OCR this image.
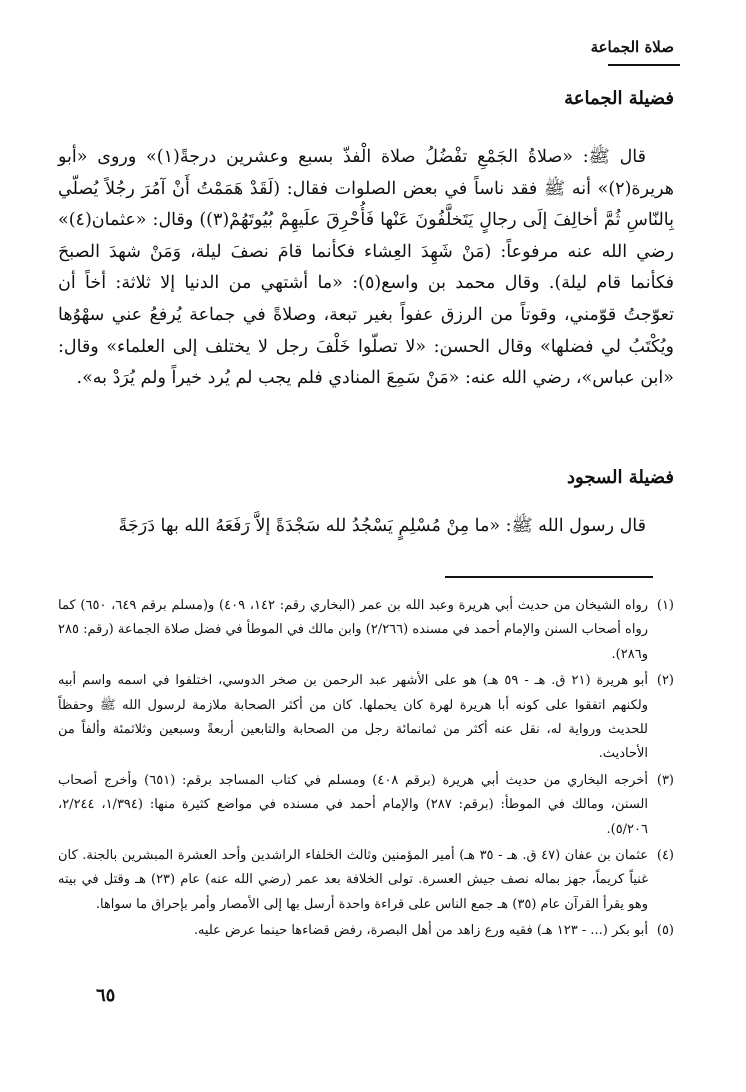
صلاة الجماعة
فضيلة الجماعة

قال ﷺ: «صلاةُ الجَمْعِ تفْضُلُ صلاة الْفذّ بسبع وعشرين درجةً(١)» وروى «أبو هريرة(٢)» أنه ﷺ فقد ناساً في بعض الصلوات فقال: (لَقَدْ هَمَمْتُ أَنْ آمُرَ رجُلاً يُصلّي بِالنّاسِ ثُمَّ أخالِفَ إلَى رجالٍ يَتَخلَّفُونَ عَنْها فَأُحْرِقَ علَيهِمْ بُيُوتَهُمْ(٣)) وقال: «عثمان(٤)» رضي الله عنه مرفوعاً: (مَنْ شَهِدَ العِشاء فكأنما قامَ نصفَ ليلة، وَمَنْ شهدَ الصبحَ فكأنما قام ليلة). وقال محمد بن واسع(٥): «ما أشتهي من الدنيا إلا ثلاثة: أخاً أن تعوّجتُ قوّمني، وقوتاً من الرزق عفواً بغير تبعة، وصلاةً في جماعة يُرفعُ عني سهْوُها ويُكْتَبُ لي فضلها» وقال الحسن: «لا تصلّوا خَلْفَ رجل لا يختلف إلى العلماء» وقال: «ابن عباس»، رضي الله عنه: «مَنْ سَمِعَ المنادي فلم يجب لم يُرد خيراً ولم يُرَدْ به».

فضيلة السجود

قال رسول الله ﷺ: «ما مِنْ مُسْلِمٍ يَسْجُدُ لله سَجْدَةً إلاَّ رَفَعَهُ الله بها دَرَجَةً

(١)
رواه الشيخان من حديث أبي هريرة وعبد الله بن عمر (البخاري رقم: ١٤٢، ٤٠٩) و(مسلم برقم ٦٤٩، ٦٥٠) كما رواه أصحاب السنن والإمام أحمد في مسنده (٢/٢٦٦) وابن مالك في الموطأ في فضل صلاة الجماعة (رقم: ٢٨٥ و٢٨٦).
(٢)
أبو هريرة (٢١ ق. هـ - ٥٩ هـ) هو على الأشهر عبد الرحمن بن صخر الدوسي، اختلفوا في اسمه واسم أبيه ولكنهم اتفقوا على كونه أبا هريرة لهرة كان يحملها. كان من أكثر الصحابة ملازمة لرسول الله ﷺ وحفظاً للحديث ورواية له، نقل عنه أكثر من ثمانمائة رجل من الصحابة والتابعين أربعةً وسبعين وثلاثمئة وألفاً من الأحاديث.
(٣)
أخرجه البخاري من حديث أبي هريرة (برقم ٤٠٨) ومسلم في كتاب المساجد برقم: (٦٥١) وأخرج أصحاب السنن، ومالك في الموطأ: (برقم: ٢٨٧) والإمام أحمد في مسنده في مواضع كثيرة منها: (١/٣٩٤، ٢/٢٤٤، ٥/٢٠٦).
(٤)
عثمان بن عفان (٤٧ ق. هـ - ٣٥ هـ) أمير المؤمنين وثالث الخلفاء الراشدين وأحد العشرة المبشرين بالجنة. كان غنياً كريماً، جهز بماله نصف جيش العسرة. تولى الخلافة بعد عمر (رضي الله عنه) عام (٢٣) هـ وقتل في بيته وهو يقرأ القرآن عام (٣٥) هـ جمع الناس على قراءة واحدة أرسل بها إلى الأمصار وأمر بإحراق ما سواها.
(٥)
أبو بكر (... - ١٢٣ هـ) فقيه ورع زاهد من أهل البصرة، رفض قضاءها حينما عرض عليه.
٦٥
